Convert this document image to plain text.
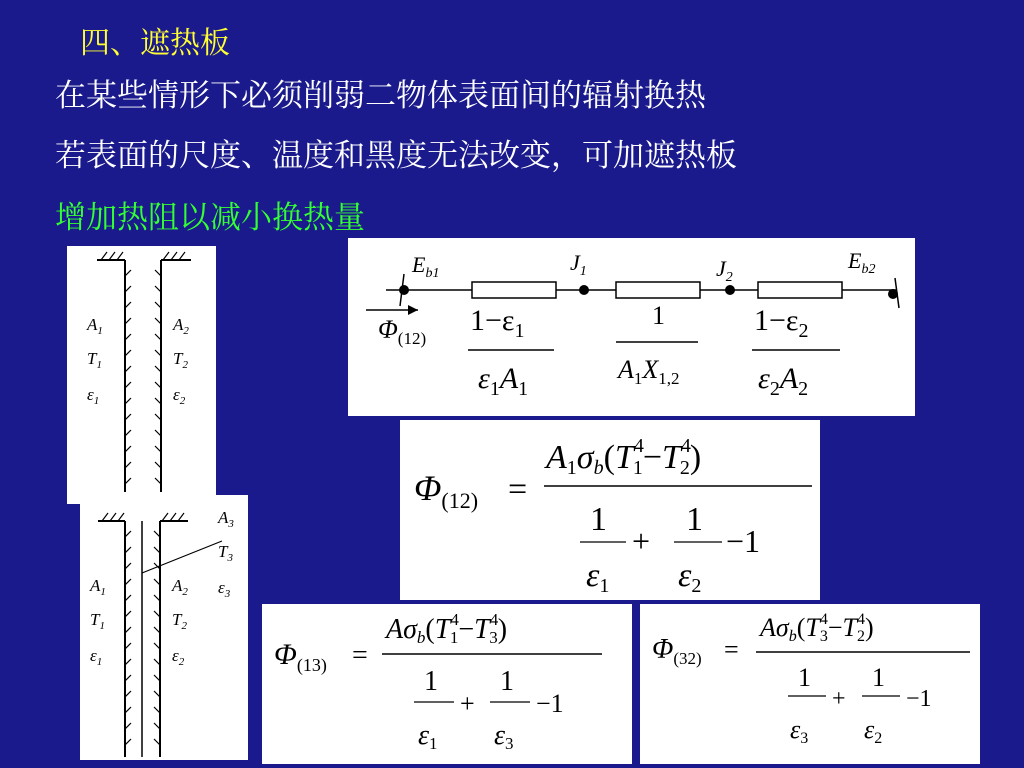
四、遮热板
在某些情形下必须削弱二物体表面间的辐射换热
若表面的尺度、温度和黑度无法改变，可加遮热板
增加热阻以减小换热量
$A_1$
$T_1$
$\varepsilon_1$
$A_2$
$T_2$
$\varepsilon_2$
$A_1$
$T_1$
$\varepsilon_1$
$A_2$
$T_2$
$\varepsilon_2$
$A_3$
$T_3$
$\varepsilon_3$
$E_{b1}$	$J_1$	$J_2$
$E_{b2}$
$\Phi_{(12)}$
$1-\varepsilon_1$
$\varepsilon_1A_1$
1
$A_1X_{1,2}$
$1-\varepsilon_2$
$\varepsilon_2A_2$
$\Phi_{(12)}$ =
$A1\sigma b(T^4$ $1-T^4$ 2)
1
ε1
+
1
ε2
−1
$\Phi_{(13)}$ =
$A\sigma b(T^4$ $1-T^4$ 3)
1
ε1
+
1
ε3
−1
$\Phi_{(32)}$ =
$A\sigma b(T^4$ $3-T^4$ 2)
1
ε3
+
1
ε2
−1
